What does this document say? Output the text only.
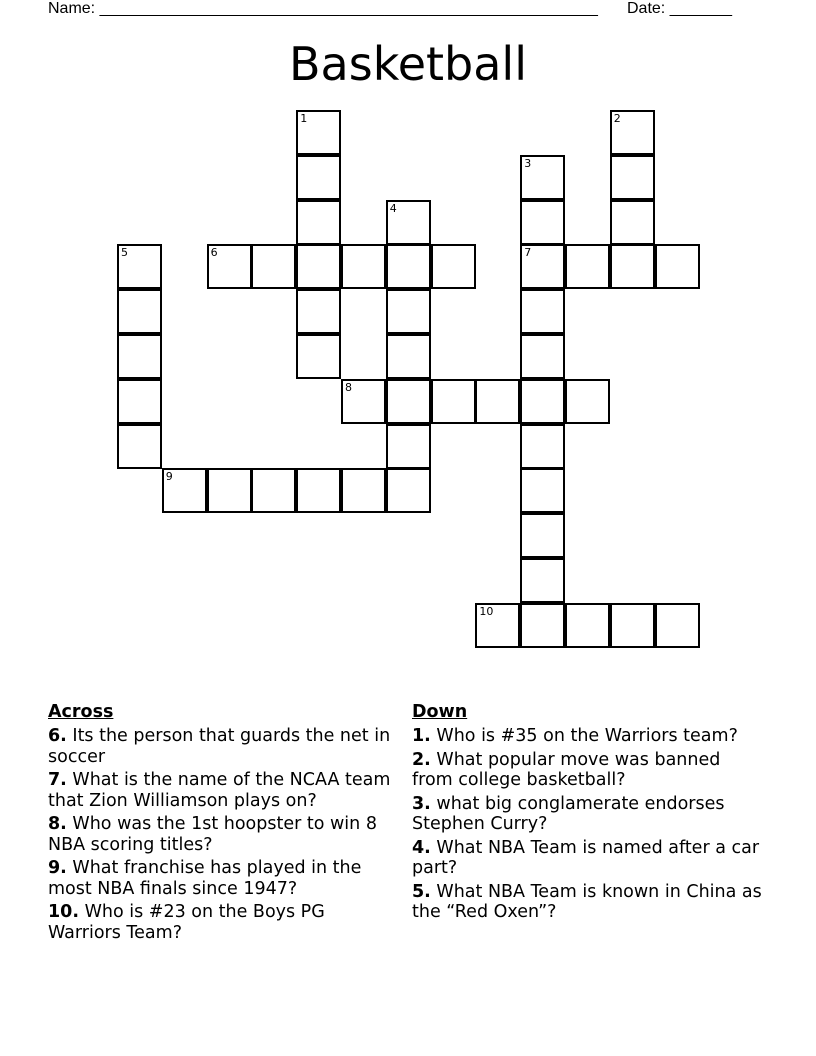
Name: ________________________________________________________ Date: _______
Basketball
1	2
3
7
4
5	6
8
9
10
Across
6. Its the person that guards the net in soccer
7. What is the name of the NCAA team that Zion Williamson plays on?
8. Who was the 1st hoopster to win 8 NBA scoring titles?
9. What franchise has played in the most NBA finals since 1947?
10. Who is #23 on the Boys PG Warriors Team?
Down
1. Who is #35 on the Warriors team?
2. What popular move was banned from college basketball?
3. what big conglamerate endorses Stephen Curry?
4. What NBA Team is named after a car part?
5. What NBA Team is known in China as the “Red Oxen”?
